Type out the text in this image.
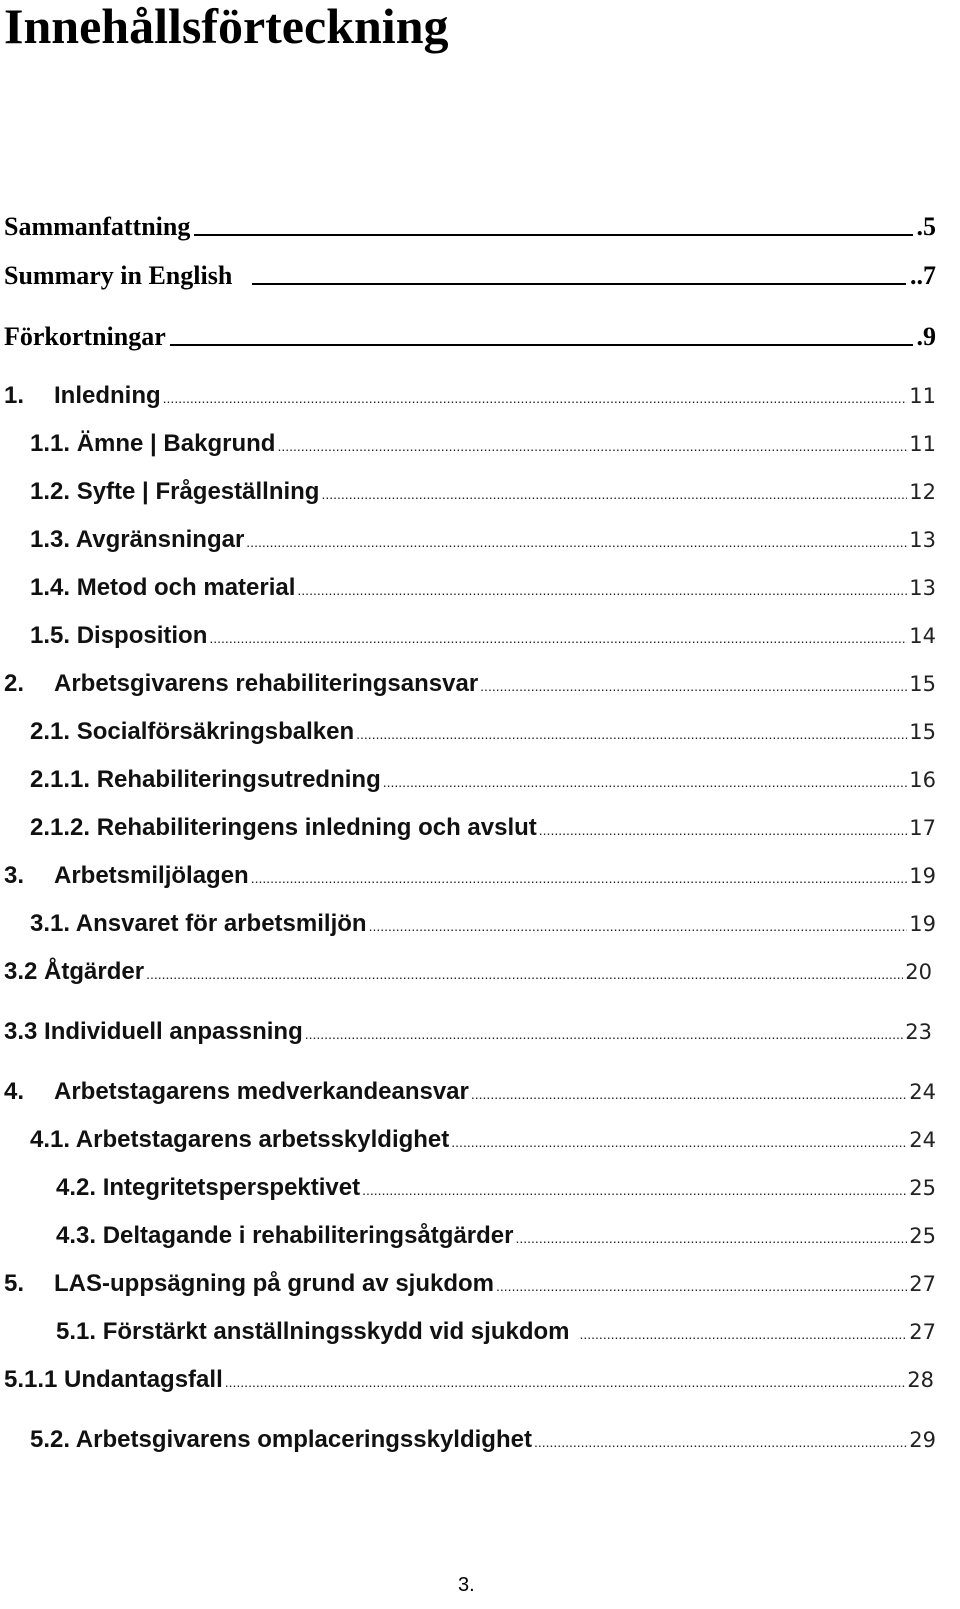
Innehållsförteckning
Sammanfattning	.5
Summary in English	..7
Förkortningar	.9
1.	Inledning .....	11
1.1. Ämne | Bakgrund .....	11
1.2. Syfte | Frågeställning .....	12
1.3. Avgränsningar .....	13
1.4. Metod och material .....	13
1.5. Disposition .....	14
2.	Arbetsgivarens rehabiliteringsansvar .....	15
2.1. Socialförsäkringsbalken .....	15
2.1.1. Rehabiliteringsutredning .....	16
2.1.2. Rehabiliteringens inledning och avslut .....	17
3.	Arbetsmiljölagen .....	19
3.1. Ansvaret för arbetsmiljön .....	19
3.2 Åtgärder .....	20
3.3 Individuell anpassning .....	23
4.	Arbetstagarens medverkandeansvar .....	24
4.1. Arbetstagarens arbetsskyldighet .....	24
4.2. Integritetsperspektivet .....	25
4.3. Deltagande i rehabiliteringsåtgärder .....	25
5.	LAS-uppsägning på grund av sjukdom .....	27
5.1. Förstärkt anställningsskydd vid sjukdom .....	27
5.1.1 Undantagsfall .....	28
5.2. Arbetsgivarens omplaceringsskyldighet .....	29
3.
